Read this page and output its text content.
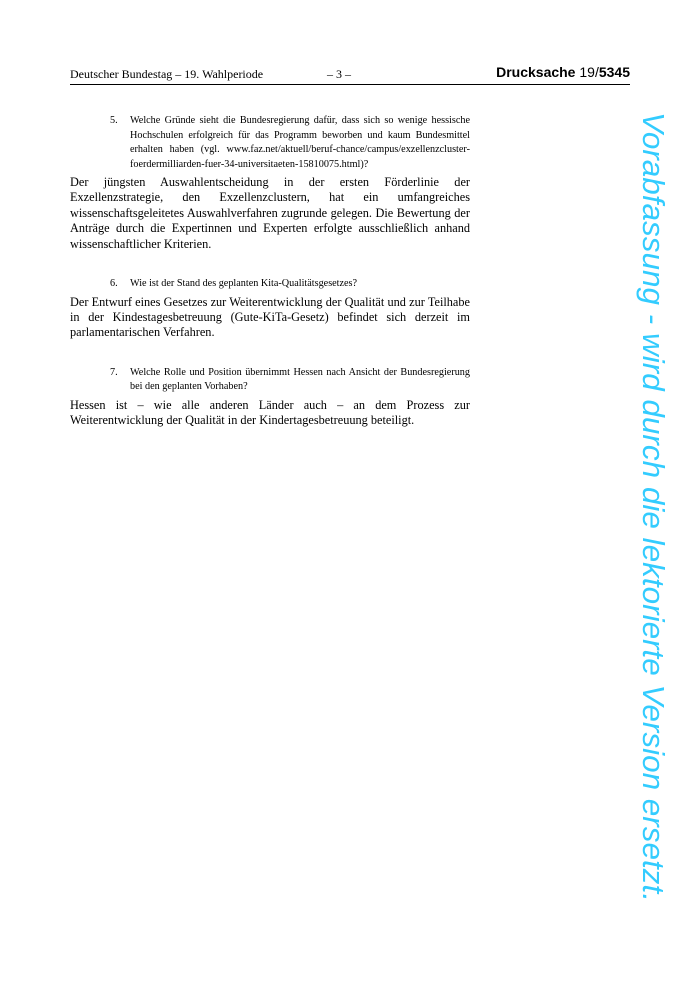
Deutscher Bundestag – 19. Wahlperiode	– 3 –	Drucksache 19/5345
5. Welche Gründe sieht die Bundesregierung dafür, dass sich so wenige hessische Hochschulen erfolgreich für das Programm beworben und kaum Bundesmittel erhalten haben (vgl. www.faz.net/aktuell/beruf-chance/campus/exzellenzcluster-foerdermilliarden-fuer-34-universitaeten-15810075.html)?

Der jüngsten Auswahlentscheidung in der ersten Förderlinie der Exzellenzstrategie, den Exzellenzclustern, hat ein umfangreiches wissenschaftsgeleitetes Auswahlverfahren zugrunde gelegen. Die Bewertung der Anträge durch die Expertinnen und Experten erfolgte ausschließlich anhand wissenschaftlicher Kriterien.

6. Wie ist der Stand des geplanten Kita-Qualitätsgesetzes?

Der Entwurf eines Gesetzes zur Weiterentwicklung der Qualität und zur Teilhabe in der Kindestagesbetreuung (Gute-KiTa-Gesetz) befindet sich derzeit im parlamentarischen Verfahren.

7. Welche Rolle und Position übernimmt Hessen nach Ansicht der Bundesregierung bei den geplanten Vorhaben?

Hessen ist – wie alle anderen Länder auch – an dem Prozess zur Weiterentwicklung der Qualität in der Kindertagesbetreuung beteiligt.	Vorabfassung - wird durch die lektorierte Version ersetzt.
